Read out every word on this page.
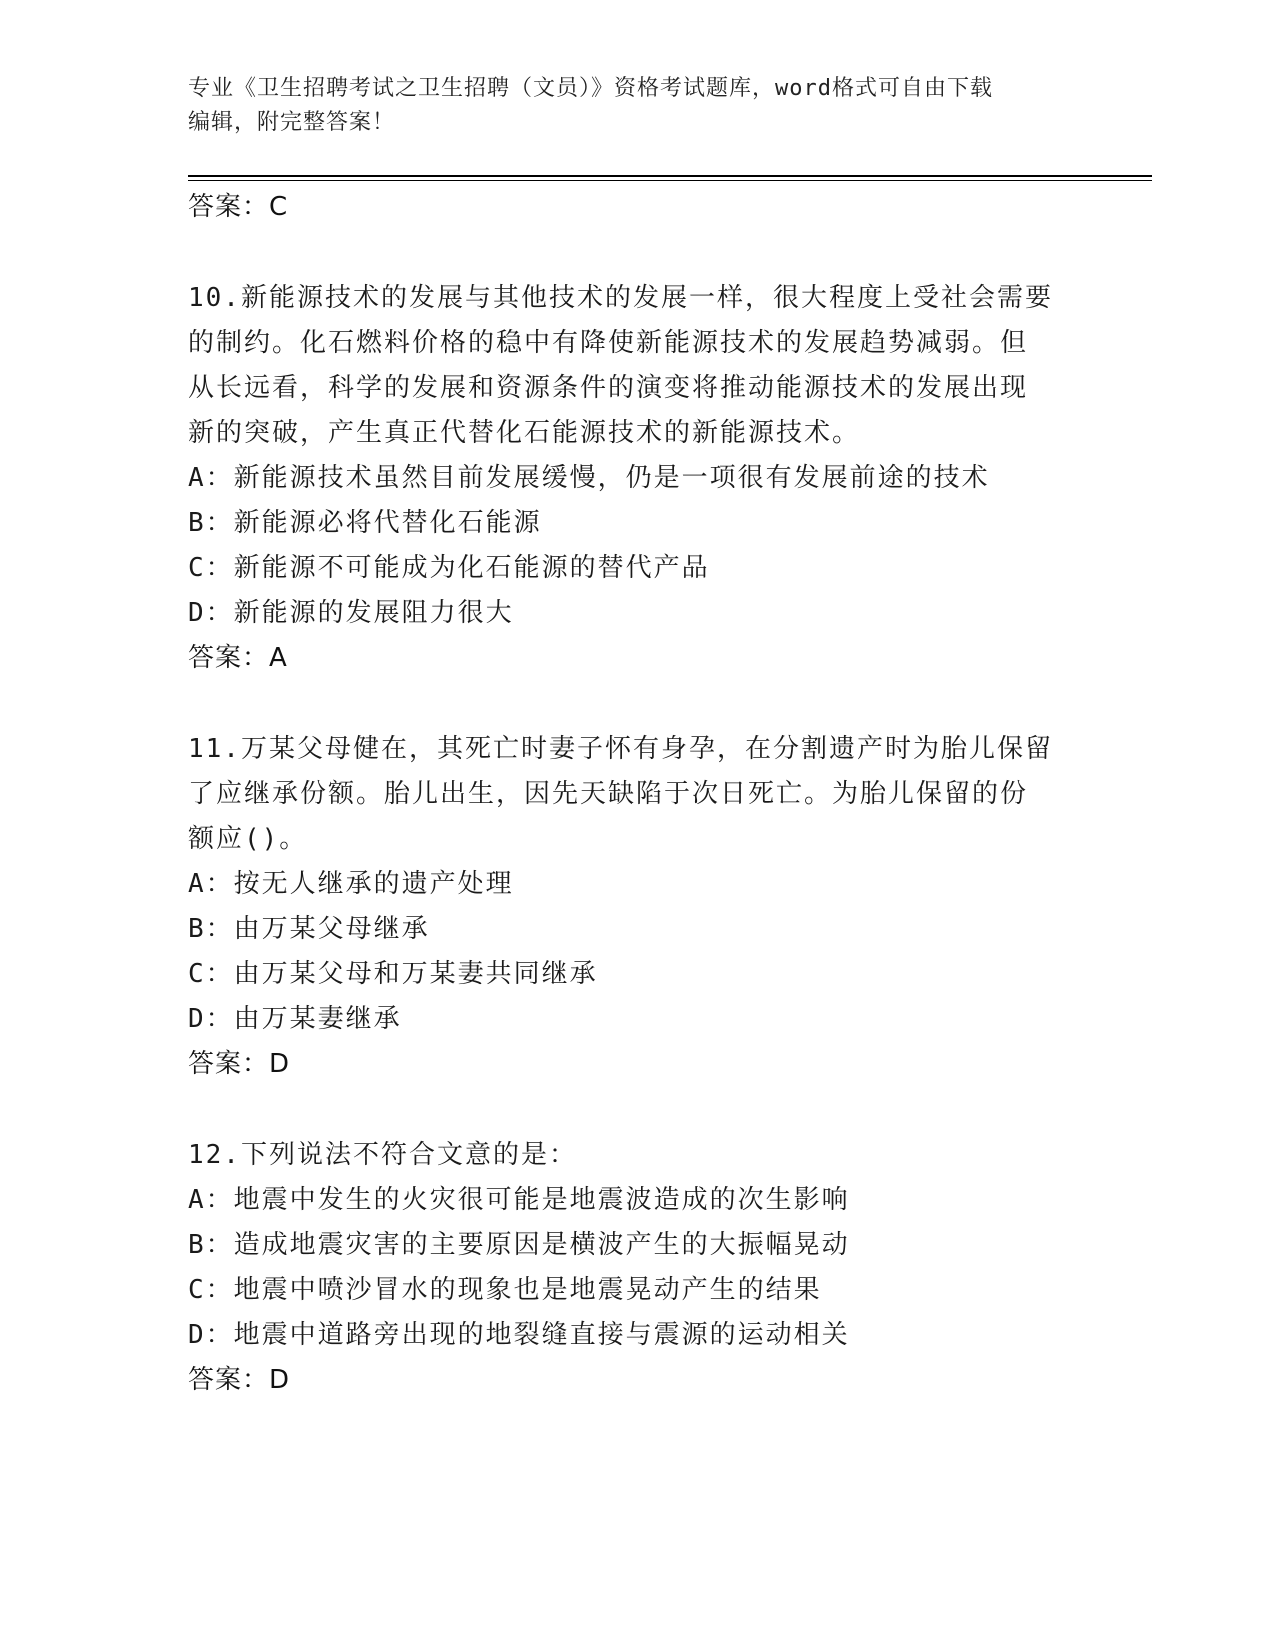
专业《卫生招聘考试之卫生招聘（文员）》资格考试题库，word格式可自由下载
编辑，附完整答案！
答案：C
10.新能源技术的发展与其他技术的发展一样，很大程度上受社会需要
的制约。化石燃料价格的稳中有降使新能源技术的发展趋势减弱。但
从长远看，科学的发展和资源条件的演变将推动能源技术的发展出现
新的突破，产生真正代替化石能源技术的新能源技术。
A：新能源技术虽然目前发展缓慢，仍是一项很有发展前途的技术
B：新能源必将代替化石能源
C：新能源不可能成为化石能源的替代产品
D：新能源的发展阻力很大
答案：A
11.万某父母健在，其死亡时妻子怀有身孕，在分割遗产时为胎儿保留
了应继承份额。胎儿出生，因先天缺陷于次日死亡。为胎儿保留的份
额应()。
A：按无人继承的遗产处理
B：由万某父母继承
C：由万某父母和万某妻共同继承
D：由万某妻继承
答案：D
12.下列说法不符合文意的是：
A：地震中发生的火灾很可能是地震波造成的次生影响
B：造成地震灾害的主要原因是横波产生的大振幅晃动
C：地震中喷沙冒水的现象也是地震晃动产生的结果
D：地震中道路旁出现的地裂缝直接与震源的运动相关
答案：D
